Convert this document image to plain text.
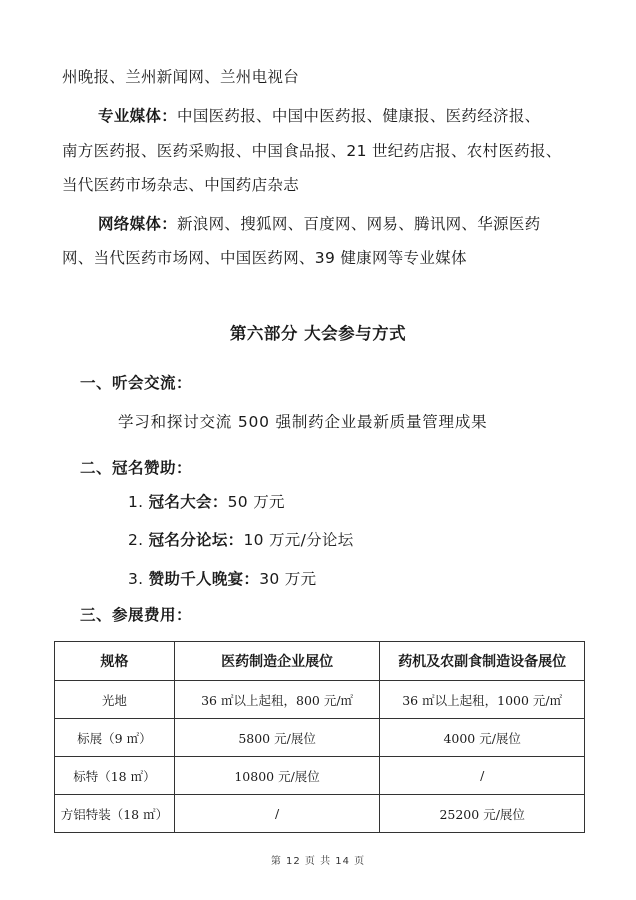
州晚报、兰州新闻网、兰州电视台
专业媒体：中国医药报、中国中医药报、健康报、医药经济报、
南方医药报、医药采购报、中国食品报、21 世纪药店报、农村医药报、
当代医药市场杂志、中国药店杂志
网络媒体：新浪网、搜狐网、百度网、网易、腾讯网、华源医药
网、当代医药市场网、中国医药网、39 健康网等专业媒体
第六部分 大会参与方式
一、听会交流：
学习和探讨交流 500 强制药企业最新质量管理成果
二、冠名赞助：
1. 冠名大会：50 万元
2. 冠名分论坛：10 万元/分论坛
3. 赞助千人晚宴：30 万元
三、参展费用：
规格	医药制造企业展位	药机及农副食制造设备展位
光地	36 ㎡以上起租，800 元/㎡	36 ㎡以上起租，1000 元/㎡
标展（9 ㎡）	5800 元/展位	4000 元/展位
标特（18 ㎡）	10800 元/展位	/
方铝特装（18 ㎡）	/	25200 元/展位
第 12 页 共 14 页
